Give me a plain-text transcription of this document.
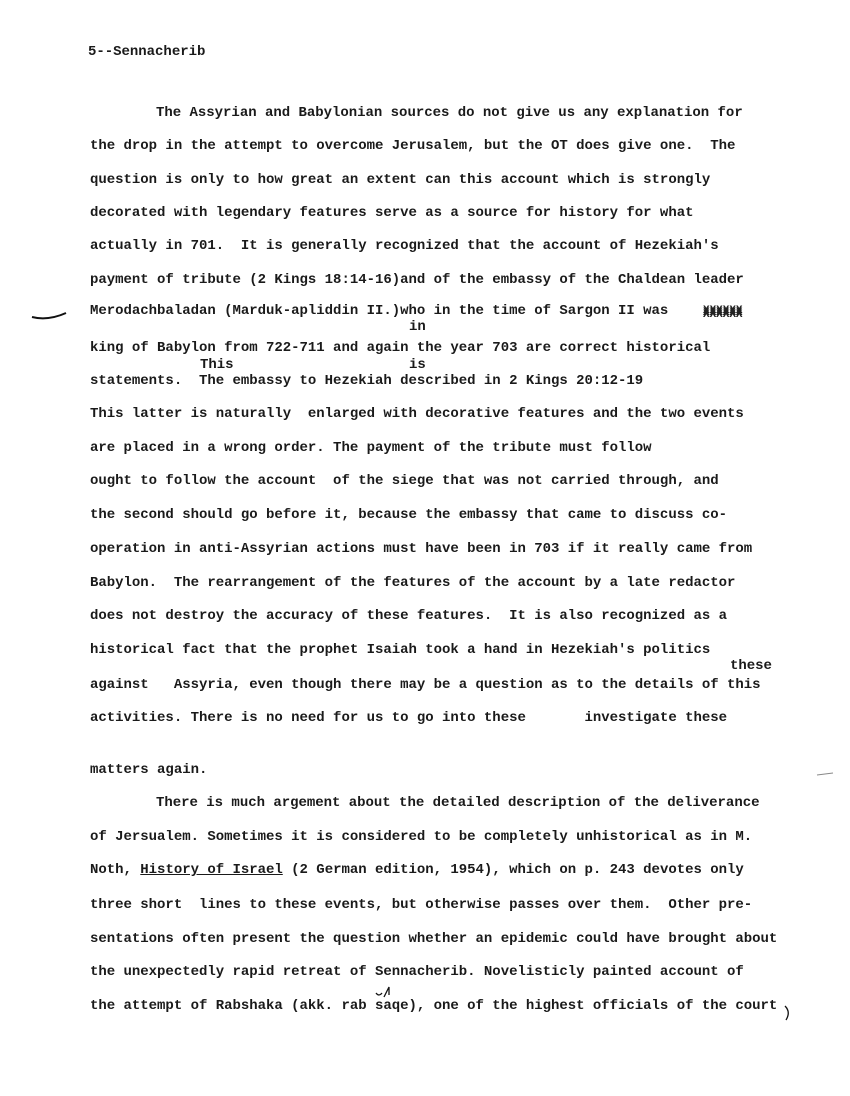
5--Sennacherib
The Assyrian and Babylonian sources do not give us any explanation for
the drop in the attempt to overcome Jerusalem, but the OT does give one.  The
question is only to how great an extent can this account which is strongly
decorated with legendary features serve as a source for history for what
actually in 701.  It is generally recognized that the account of Hezekiah's
payment of tribute (2 Kings 18:14-16)and of the embassy of the Chaldean leader
Merodachbaladan (Marduk-apliddin II.)who in the time of Sargon II was
king of Babylon from 722-711 and again the year 703 are correct historical
statements.  The embassy to Hezekiah described in 2 Kings 20:12-19
This latter is naturally  enlarged with decorative features and the two events
are placed in a wrong order. The payment of the tribute must follow
ought to follow the account  of the siege that was not carried through, and
the second should go before it, because the embassy that came to discuss co-
operation in anti-Assyrian actions must have been in 703 if it really came from
Babylon.  The rearrangement of the features of the account by a late redactor
does not destroy the accuracy of these features.  It is also recognized as a
historical fact that the prophet Isaiah took a hand in Hezekiah's politics
against   Assyria, even though there may be a question as to the details of this
activities. There is no need for us to go into these       investigate these
matters again.
There is much argement about the detailed description of the deliverance
of Jersualem. Sometimes it is considered to be completely unhistorical as in M.
three short  lines to these events, but otherwise passes over them.  Other pre-
sentations often present the question whether an epidemic could have brought about
the unexpectedly rapid retreat of Sennacherib. Novelisticly painted account of
the attempt of Rabshaka (akk. rab saqe), one of the highest officials of the court
in
This	is
these
Noth, History of Israel (2 German edition, 1954), which on p. 243 devotes only
XXXXXX
